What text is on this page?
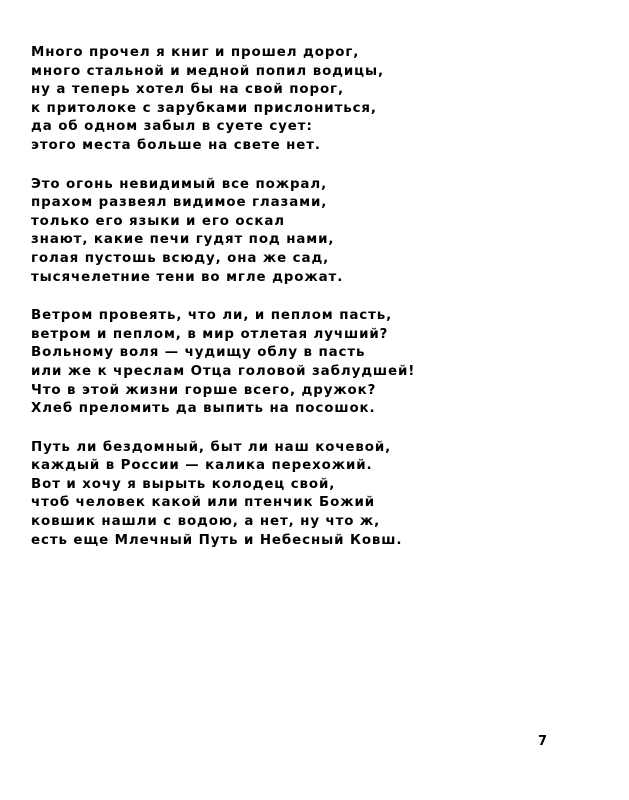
Много прочел я книг и прошел дорог,
много стальной и медной попил водицы,
ну а теперь хотел бы на свой порог,
к притолоке с зарубками прислониться,
да об одном забыл в суете сует:
этого места больше на свете нет.
Это огонь невидимый все пожрал,
прахом развеял видимое глазами,
только его языки и его оскал
знают, какие печи гудят под нами,
голая пустошь всюду, она же сад,
тысячелетние тени во мгле дрожат.
Ветром провеять, что ли, и пеплом пасть,
ветром и пеплом, в мир отлетая лучший?
Вольному воля — чудищу облу в пасть
или же к чреслам Отца головой заблудшей!
Что в этой жизни горше всего, дружок?
Хлеб преломить да выпить на посошок.
Путь ли бездомный, быт ли наш кочевой,
каждый в России — калика перехожий.
Вот и хочу я вырыть колодец свой,
чтоб человек какой или птенчик Божий
ковшик нашли с водою, а нет, ну что ж,
есть еще Млечный Путь и Небесный Ковш.
7
